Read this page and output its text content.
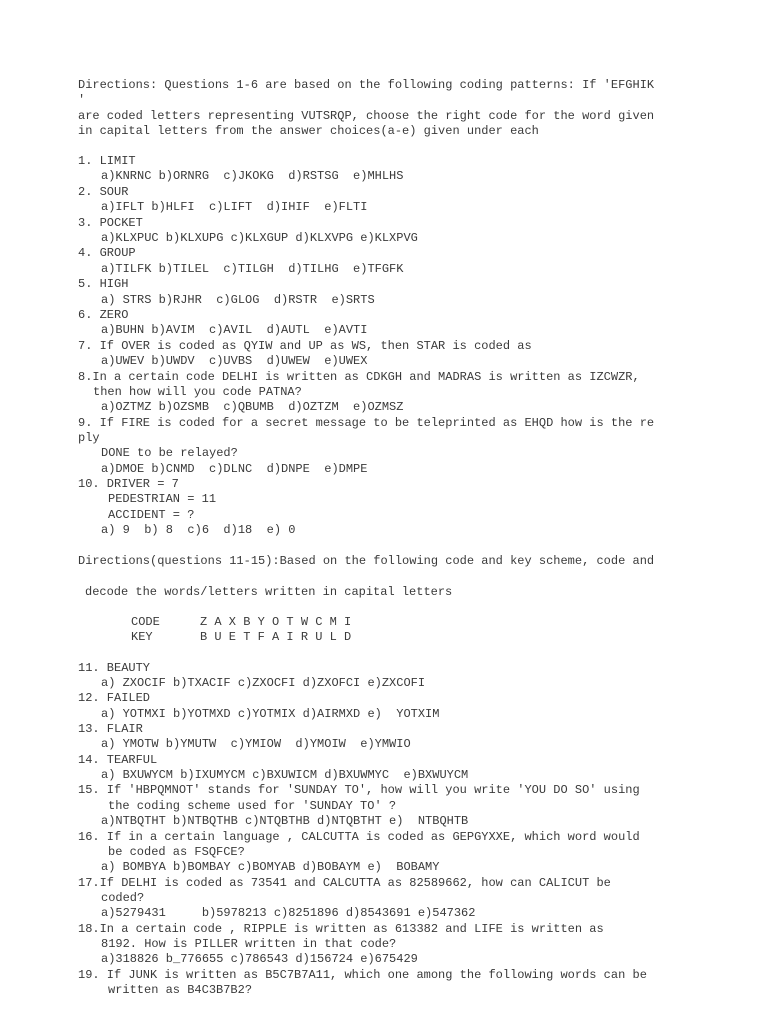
Directions: Questions 1-6 are based on the following coding patterns: If 'EFGHIK
'
are coded letters representing VUTSRQP, choose the right code for the word given
in capital letters from the answer choices(a-e) given under each
1. LIMIT
a)KNRNC b)ORNRG  c)JKOKG  d)RSTSG  e)MHLHS
2. SOUR
a)IFLT b)HLFI  c)LIFT  d)IHIF  e)FLTI
3. POCKET
a)KLXPUC b)KLXUPG c)KLXGUP d)KLXVPG e)KLXPVG
4. GROUP
a)TILFK b)TILEL  c)TILGH  d)TILHG  e)TFGFK
5. HIGH
a) STRS b)RJHR  c)GLOG  d)RSTR  e)SRTS
6. ZERO
a)BUHN b)AVIM  c)AVIL  d)AUTL  e)AVTI
7. If OVER is coded as QYIW and UP as WS, then STAR is coded as
a)UWEV b)UWDV  c)UVBS  d)UWEW  e)UWEX
8.In a certain code DELHI is written as CDKGH and MADRAS is written as IZCWZR,
then how will you code PATNA?
a)OZTMZ b)OZSMB  c)QBUMB  d)OZTZM  e)OZMSZ
9. If FIRE is coded for a secret message to be teleprinted as EHQD how is the re
ply
DONE to be relayed?
a)DMOE b)CNMD  c)DLNC  d)DNPE  e)DMPE
10. DRIVER = 7
PEDESTRIAN = 11
ACCIDENT = ?
a) 9  b) 8  c)6  d)18  e) 0
Directions(questions 11-15):Based on the following code and key scheme, code and
decode the words/letters written in capital letters
CODE	Z A X B Y O T W C M I
KEY	B U E T F A I R U L D
11. BEAUTY
a) ZXOCIF b)TXACIF c)ZXOCFI d)ZXOFCI e)ZXCOFI
12. FAILED
a) YOTMXI b)YOTMXD c)YOTMIX d)AIRMXD e)  YOTXIM
13. FLAIR
a) YMOTW b)YMUTW  c)YMIOW  d)YMOIW  e)YMWIO
14. TEARFUL
a) BXUWYCM b)IXUMYCM c)BXUWICM d)BXUWMYC  e)BXWUYCM
15. If 'HBPQMNOT' stands for 'SUNDAY TO', how will you write 'YOU DO SO' using
the coding scheme used for 'SUNDAY TO' ?
a)NTBQTHT b)NTBQTHB c)NTQBTHB d)NTQBTHT e)  NTBQHTB
16. If in a certain language , CALCUTTA is coded as GEPGYXXE, which word would
be coded as FSQFCE?
a) BOMBYA b)BOMBAY c)BOMYAB d)BOBAYM e)  BOBAMY
17.If DELHI is coded as 73541 and CALCUTTA as 82589662, how can CALICUT be
coded?
a)5279431     b)5978213 c)8251896 d)8543691 e)547362
18.In a certain code , RIPPLE is written as 613382 and LIFE is written as
8192. How is PILLER written in that code?
a)318826 b_776655 c)786543 d)156724 e)675429
19. If JUNK is written as B5C7B7A11, which one among the following words can be
written as B4C3B7B2?
